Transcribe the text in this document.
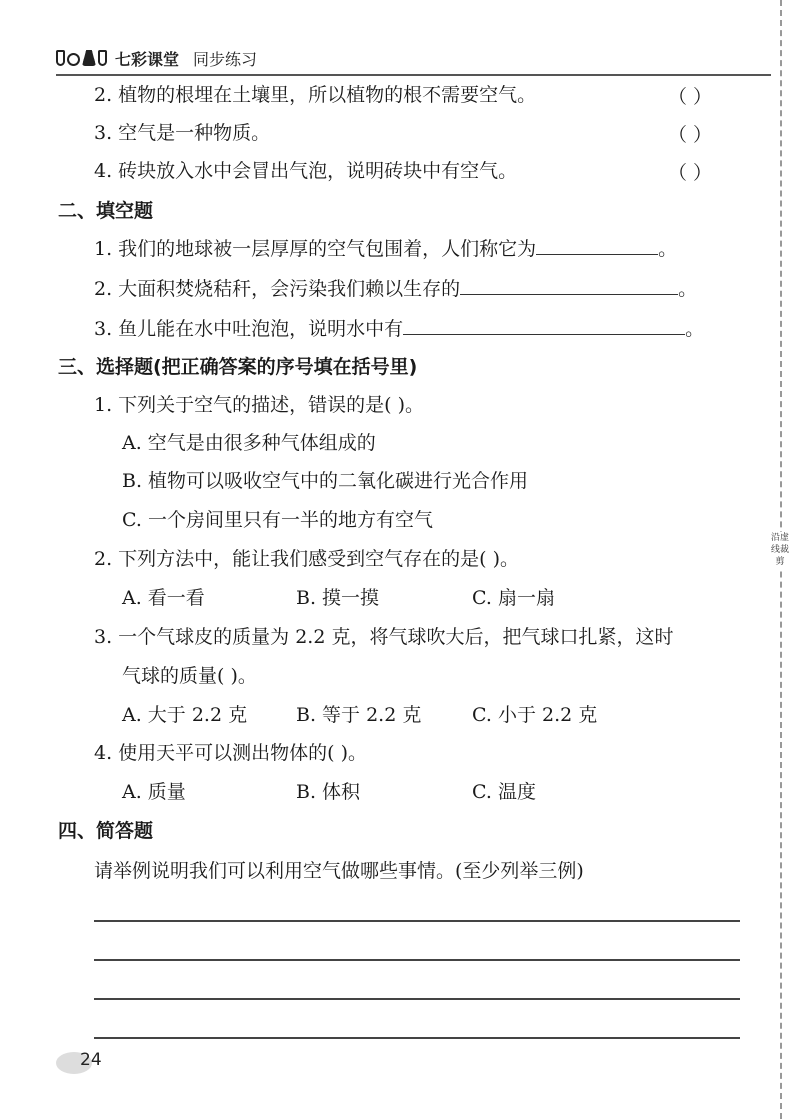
七彩课堂 同步练习
2. 植物的根埋在土壤里，所以植物的根不需要空气。	（ ）
3. 空气是一种物质。	（ ）
4. 砖块放入水中会冒出气泡，说明砖块中有空气。	（ ）
二、填空题
1. 我们的地球被一层厚厚的空气包围着，人们称它为	。
2. 大面积焚烧秸秆，会污染我们赖以生存的	。
3. 鱼儿能在水中吐泡泡，说明水中有	。
三、选择题(把正确答案的序号填在括号里)
1. 下列关于空气的描述，错误的是( )。
A. 空气是由很多种气体组成的
B. 植物可以吸收空气中的二氧化碳进行光合作用
C. 一个房间里只有一半的地方有空气
2. 下列方法中，能让我们感受到空气存在的是( )。
A. 看一看	B. 摸一摸	C. 扇一扇
3. 一个气球皮的质量为 2.2 克，将气球吹大后，把气球口扎紧，这时
气球的质量( )。
A. 大于 2.2 克	B. 等于 2.2 克	C. 小于 2.2 克
4. 使用天平可以测出物体的( )。
A. 质量	B. 体积	C. 温度
四、简答题
请举例说明我们可以利用空气做哪些事情。(至少列举三例)
沿虚线裁剪
24
